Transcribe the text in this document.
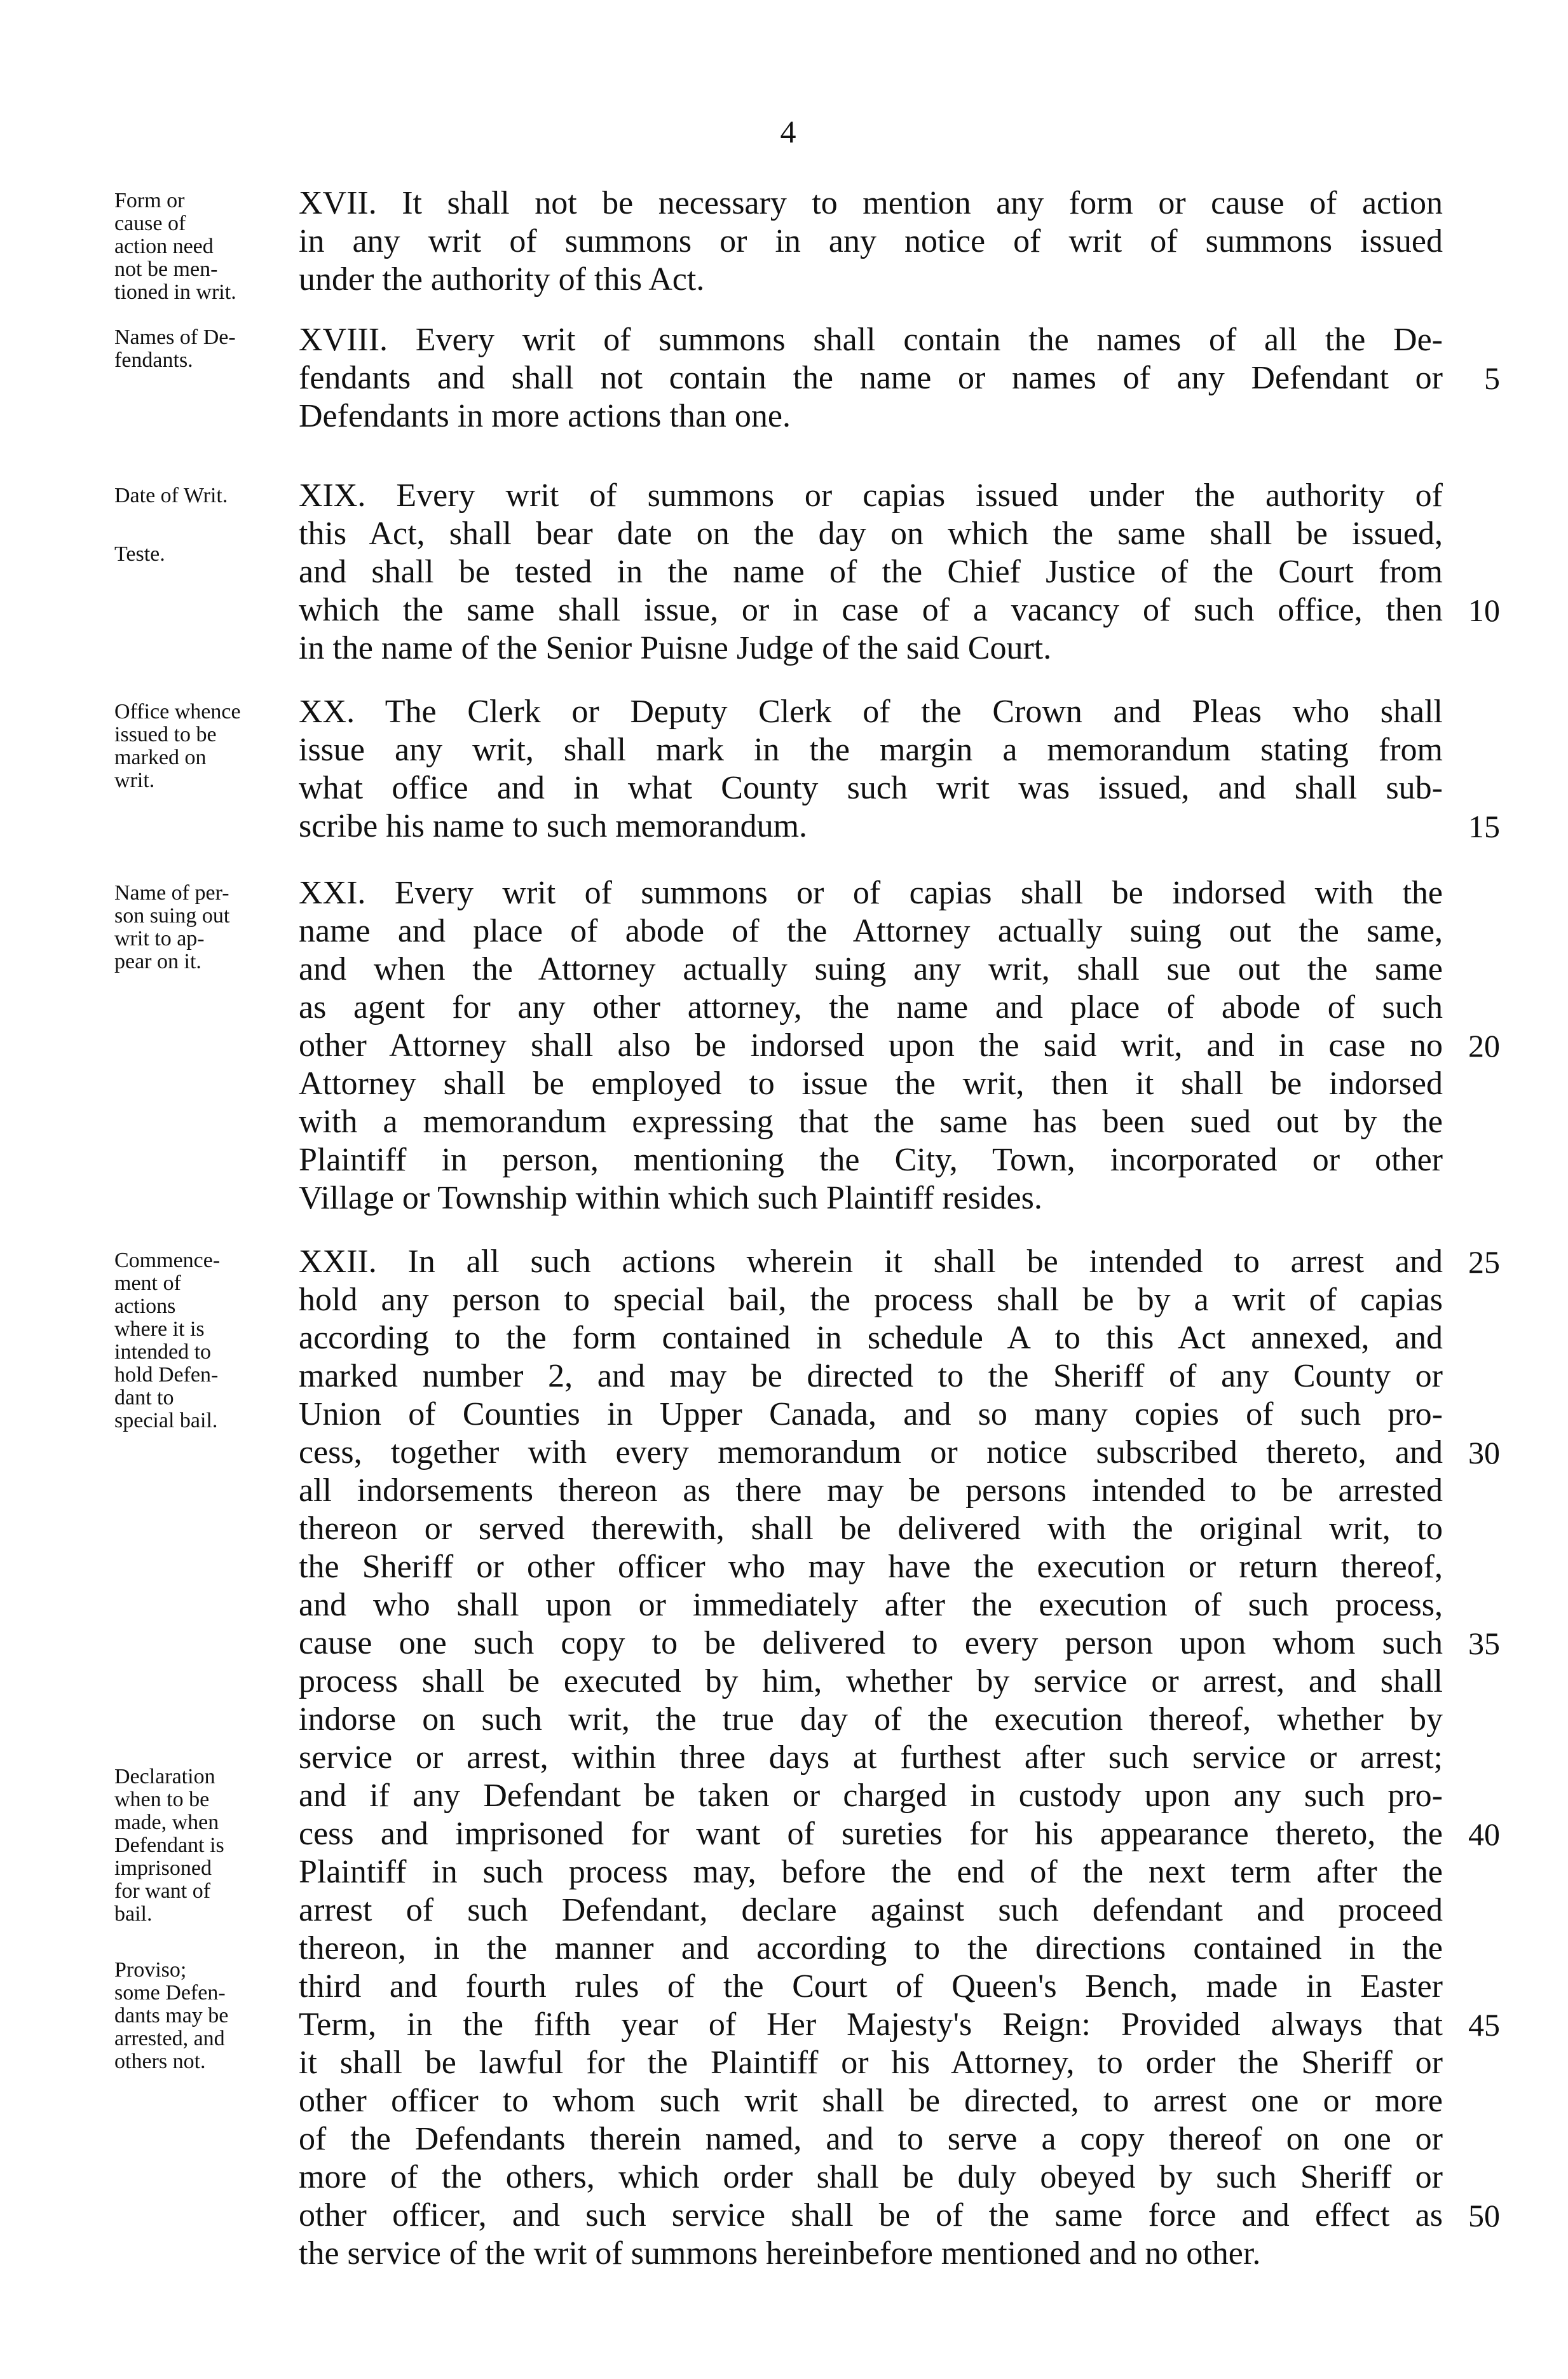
4
Form or
cause of
action need
not be men-
tioned in writ.
XVII. It shall not be necessary to mention any form or cause of action
in any writ of summons or in any notice of writ of summons issued
under the authority of this Act.
Names of De-
fendants.
XVIII. Every writ of summons shall contain the names of all the De-
fendants and shall not contain the name or names of any Defendant or
Defendants in more actions than one.
5
Date of Writ.
Teste.
XIX. Every writ of summons or capias issued under the authority of
this Act, shall bear date on the day on which the same shall be issued,
and shall be tested in the name of the Chief Justice of the Court from
which the same shall issue, or in case of a vacancy of such office, then
in the name of the Senior Puisne Judge of the said Court.
10
Office whence
issued to be
marked on
writ.
XX. The Clerk or Deputy Clerk of the Crown and Pleas who shall
issue any writ, shall mark in the margin a memorandum stating from
what office and in what County such writ was issued, and shall sub-
scribe his name to such memorandum.	15
Name of per-
son suing out
writ to ap-
pear on it.
XXI. Every writ of summons or of capias shall be indorsed with the
name and place of abode of the Attorney actually suing out the same,
and when the Attorney actually suing any writ, shall sue out the same
as agent for any other attorney, the name and place of abode of such
other Attorney shall also be indorsed upon the said writ, and in case no
Attorney shall be employed to issue the writ, then it shall be indorsed
with a memorandum expressing that the same has been sued out by the
Plaintiff in person, mentioning the City, Town, incorporated or other
Village or Township within which such Plaintiff resides.
20
Commence-
ment of
actions
where it is
intended to
hold Defen-
dant to
special bail.
Declaration
when to be
made, when
Defendant is
imprisoned
for want of
bail.
Proviso;
some Defen-
dants may be
arrested, and
others not.
XXII. In all such actions wherein it shall be intended to arrest and
hold any person to special bail, the process shall be by a writ of capias
according to the form contained in schedule A to this Act annexed, and
marked number 2, and may be directed to the Sheriff of any County or
Union of Counties in Upper Canada, and so many copies of such pro-
cess, together with every memorandum or notice subscribed thereto, and
all indorsements thereon as there may be persons intended to be arrested
thereon or served therewith, shall be delivered with the original writ, to
the Sheriff or other officer who may have the execution or return thereof,
and who shall upon or immediately after the execution of such process,
cause one such copy to be delivered to every person upon whom such
process shall be executed by him, whether by service or arrest, and shall
indorse on such writ, the true day of the execution thereof, whether by
service or arrest, within three days at furthest after such service or arrest;
and if any Defendant be taken or charged in custody upon any such pro-
cess and imprisoned for want of sureties for his appearance thereto, the
Plaintiff in such process may, before the end of the next term after the
arrest of such Defendant, declare against such defendant and proceed
thereon, in the manner and according to the directions contained in the
third and fourth rules of the Court of Queen's Bench, made in Easter
Term, in the fifth year of Her Majesty's Reign: Provided always that
it shall be lawful for the Plaintiff or his Attorney, to order the Sheriff or
other officer to whom such writ shall be directed, to arrest one or more
of the Defendants therein named, and to serve a copy thereof on one or
more of the others, which order shall be duly obeyed by such Sheriff or
other officer, and such service shall be of the same force and effect as
the service of the writ of summons hereinbefore mentioned and no other.
25
30
35
40
45
50
